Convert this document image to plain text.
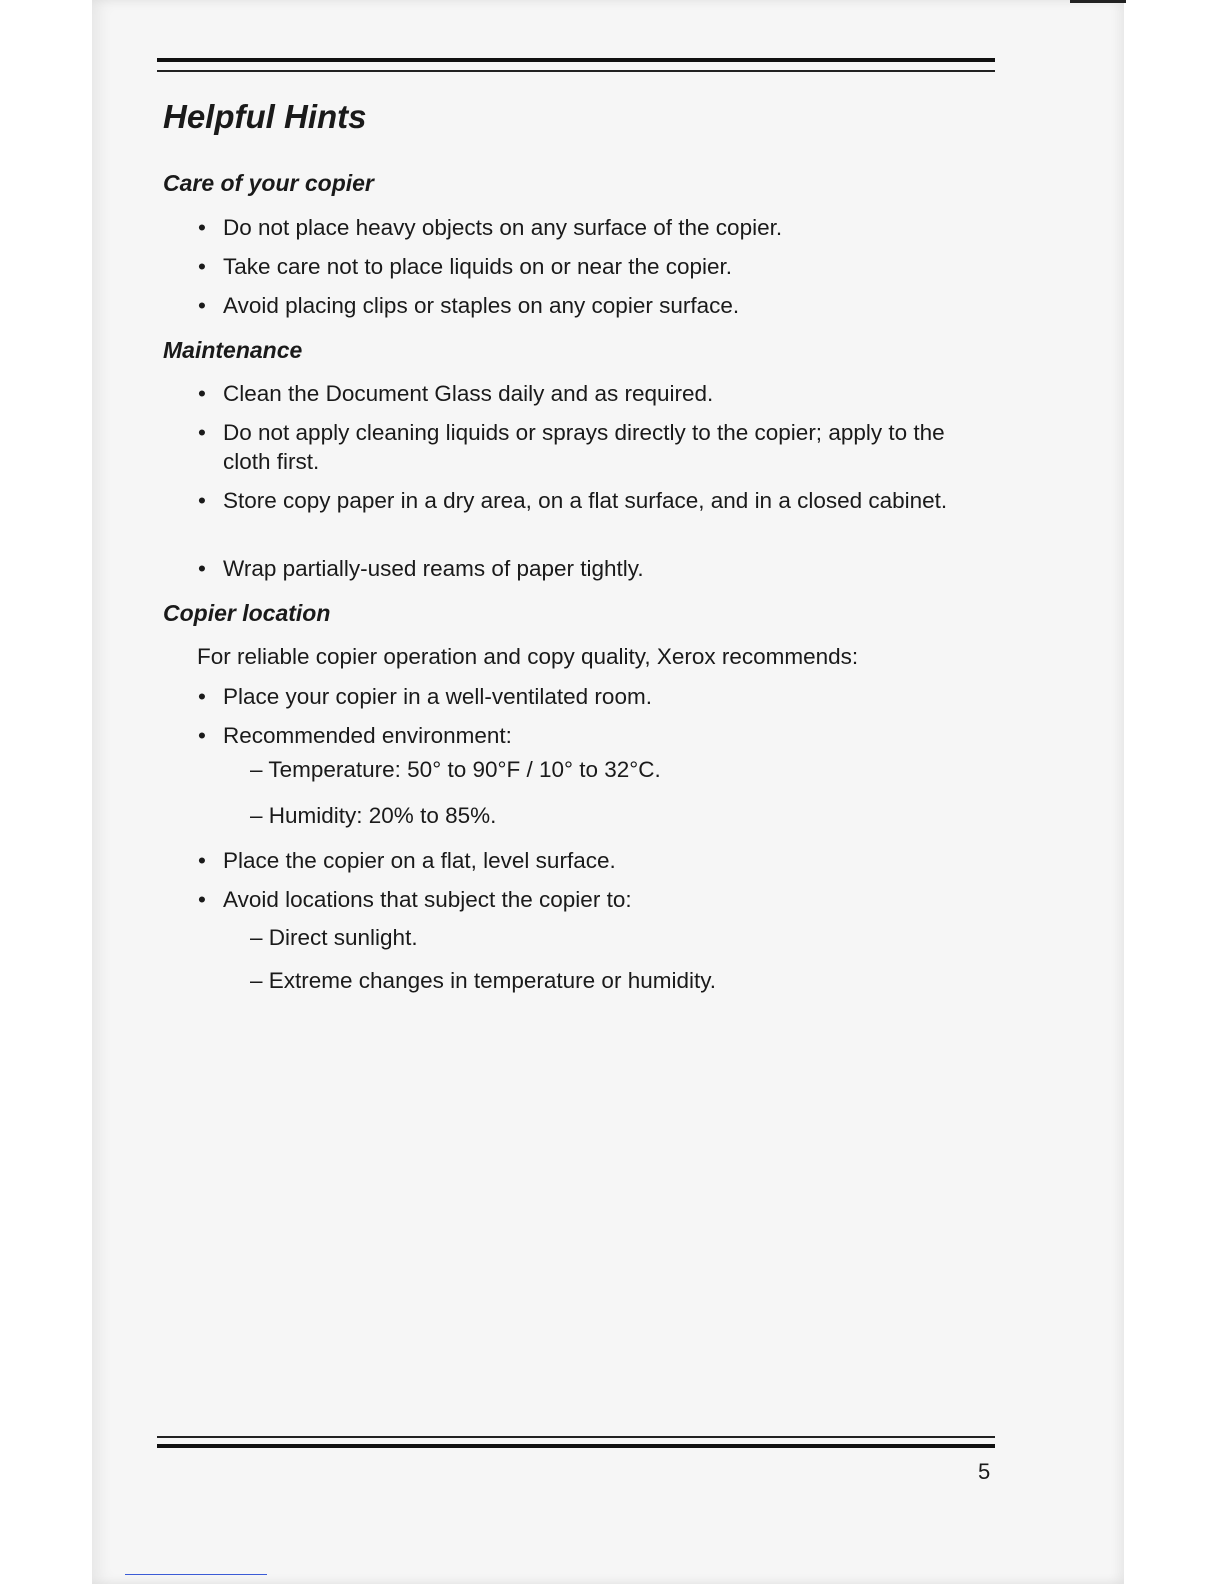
Helpful Hints
Care of your copier
• Do not place heavy objects on any surface of the copier.
• Take care not to place liquids on or near the copier.
• Avoid placing clips or staples on any copier surface.
Maintenance
• Clean the Document Glass daily and as required.
• Do not apply cleaning liquids or sprays directly to the copier; apply to the cloth first.
• Store copy paper in a dry area, on a flat surface, and in a closed cabinet.
• Wrap partially-used reams of paper tightly.
Copier location

For reliable copier operation and copy quality, Xerox recommends:

• Place your copier in a well-ventilated room.
• Recommended environment:

– Temperature: 50° to 90°F / 10° to 32°C.

– Humidity: 20% to 85%.

• Place the copier on a flat, level surface.
• Avoid locations that subject the copier to:

– Direct sunlight.

– Extreme changes in temperature or humidity.

5
